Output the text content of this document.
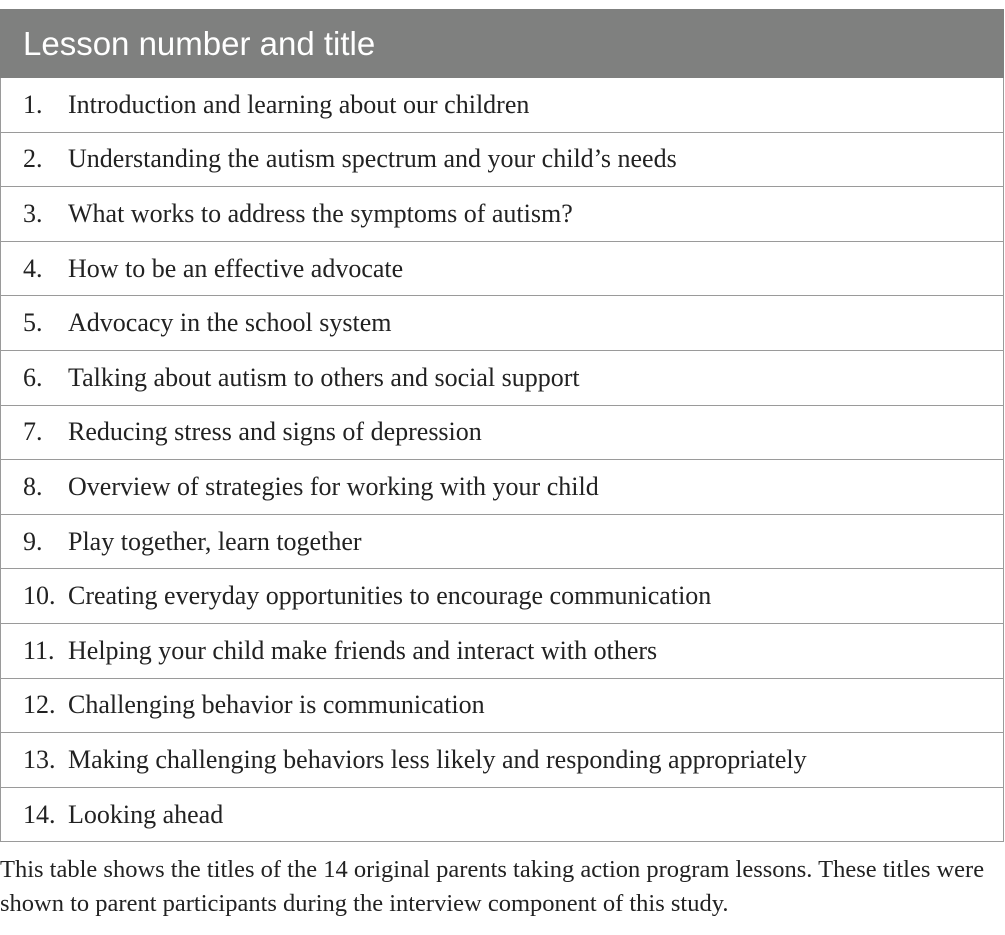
Lesson number and title
1. Introduction and learning about our children
2. Understanding the autism spectrum and your child’s needs
3. What works to address the symptoms of autism?
4. How to be an effective advocate
5. Advocacy in the school system
6. Talking about autism to others and social support
7. Reducing stress and signs of depression
8. Overview of strategies for working with your child
9. Play together, learn together
10. Creating everyday opportunities to encourage communication
11. Helping your child make friends and interact with others
12. Challenging behavior is communication
13. Making challenging behaviors less likely and responding appropriately
14. Looking ahead
This table shows the titles of the 14 original parents taking action program lessons. These titles were shown to parent participants during the interview component of this study.
